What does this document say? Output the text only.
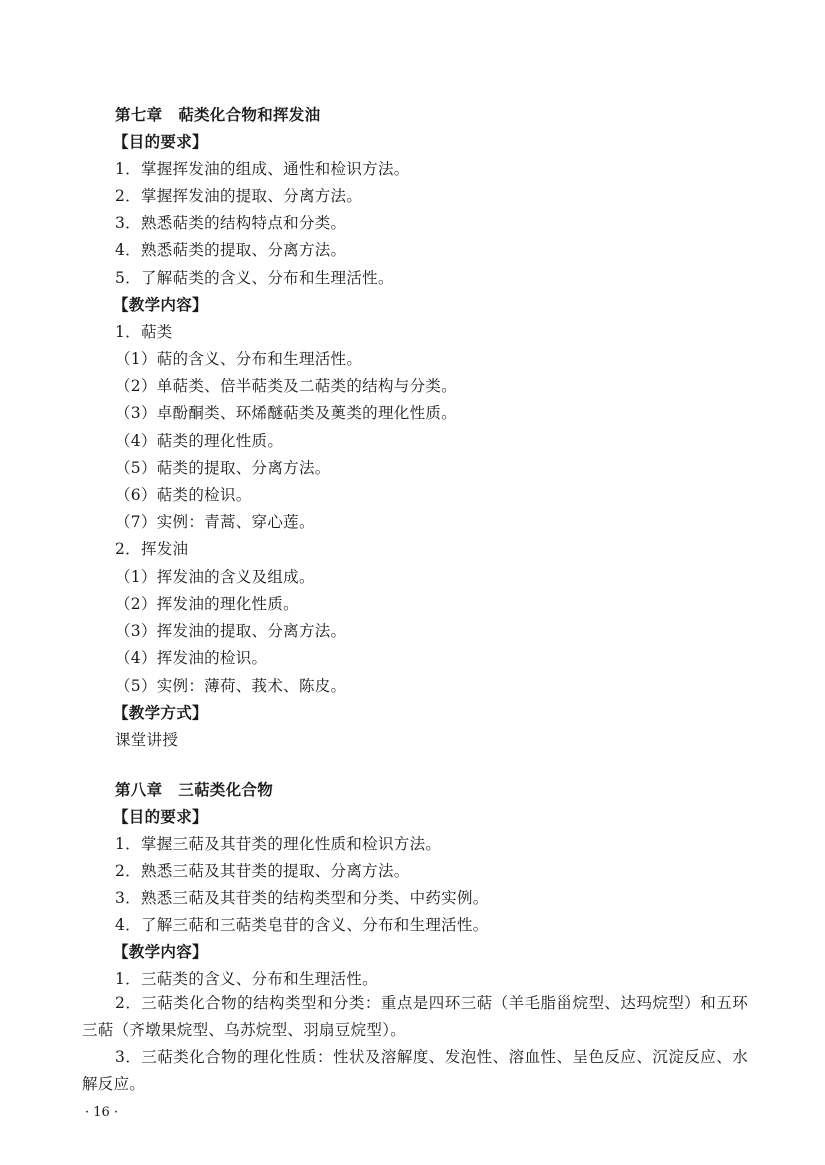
第七章　萜类化合物和挥发油
【目的要求】
1．掌握挥发油的组成、通性和检识方法。
2．掌握挥发油的提取、分离方法。
3．熟悉萜类的结构特点和分类。
4．熟悉萜类的提取、分离方法。
5．了解萜类的含义、分布和生理活性。
【教学内容】
1．萜类
（1）萜的含义、分布和生理活性。
（2）单萜类、倍半萜类及二萜类的结构与分类。
（3）卓酚酮类、环烯醚萜类及薁类的理化性质。
（4）萜类的理化性质。
（5）萜类的提取、分离方法。
（6）萜类的检识。
（7）实例：青蒿、穿心莲。
2．挥发油
（1）挥发油的含义及组成。
（2）挥发油的理化性质。
（3）挥发油的提取、分离方法。
（4）挥发油的检识。
（5）实例：薄荷、莪术、陈皮。
【教学方式】
课堂讲授
第八章　三萜类化合物
【目的要求】
1．掌握三萜及其苷类的理化性质和检识方法。
2．熟悉三萜及其苷类的提取、分离方法。
3．熟悉三萜及其苷类的结构类型和分类、中药实例。
4．了解三萜和三萜类皂苷的含义、分布和生理活性。
【教学内容】
1．三萜类的含义、分布和生理活性。
2．三萜类化合物的结构类型和分类：重点是四环三萜（羊毛脂甾烷型、达玛烷型）和五环三萜（齐墩果烷型、乌苏烷型、羽扇豆烷型）。
3．三萜类化合物的理化性质：性状及溶解度、发泡性、溶血性、呈色反应、沉淀反应、水解反应。
· 16 ·
